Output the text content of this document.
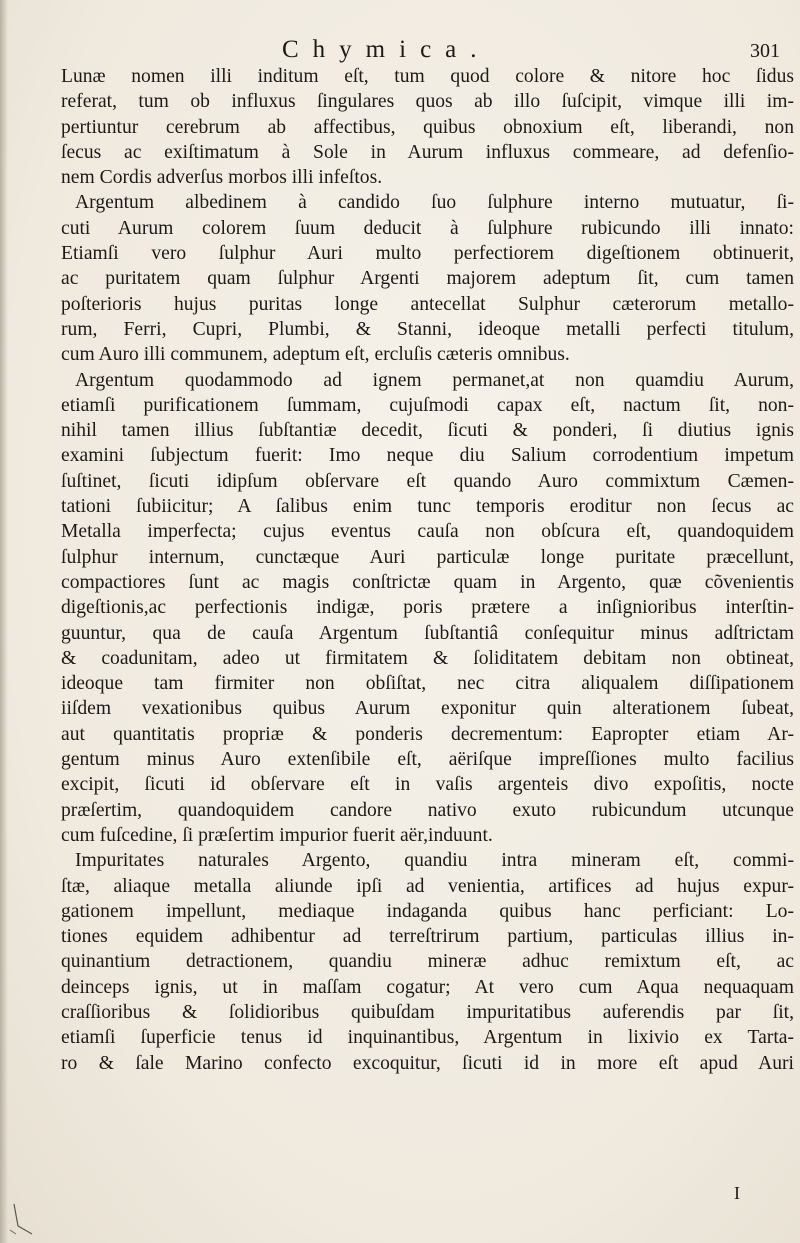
Chymica.	301
Lunæ nomen illi inditum eſt, tum quod colore & nitore hoc ſidus
referat, tum ob influxus ſingulares quos ab illo ſuſcipit, vimque illi im-
pertiuntur cerebrum ab affectibus, quibus obnoxium eſt, liberandi, non
ſecus ac exiſtimatum à Sole in Aurum influxus commeare, ad defenſio-
nem Cordis adverſus morbos illi infeſtos.
Argentum albedinem à candido ſuo ſulphure interno mutuatur, ſi-
cuti Aurum colorem ſuum deducit à ſulphure rubicundo illi innato:
Etiamſi vero ſulphur Auri multo perfectiorem digeſtionem obtinuerit,
ac puritatem quam ſulphur Argenti majorem adeptum ſit, cum tamen
poſterioris hujus puritas longe antecellat Sulphur cæterorum metallo-
rum, Ferri, Cupri, Plumbi, & Stanni, ideoque metalli perfecti titulum,
cum Auro illi communem, adeptum eſt, ercluſis cæteris omnibus.
Argentum quodammodo ad ignem permanet,at non quamdiu Aurum,
etiamſi purificationem ſummam, cujuſmodi capax eſt, nactum ſit, non-
nihil tamen illius ſubſtantiæ decedit, ſicuti & ponderi, ſi diutius ignis
examini ſubjectum fuerit: Imo neque diu Salium corrodentium impetum
ſuſtinet, ſicuti idipſum obſervare eſt quando Auro commixtum Cæmen-
tationi ſubiicitur; A ſalibus enim tunc temporis eroditur non ſecus ac
Metalla imperfecta; cujus eventus cauſa non obſcura eſt, quandoquidem
ſulphur internum, cunctæque Auri particulæ longe puritate præcellunt,
compactiores ſunt ac magis conſtrictæ quam in Argento, quæ cõvenientis
digeſtionis,ac perfectionis indigæ, poris prætere a inſignioribus interſtin-
guuntur, qua de cauſa Argentum ſubſtantiâ conſequitur minus adſtrictam
& coadunitam, adeo ut firmitatem & ſoliditatem debitam non obtineat,
ideoque tam firmiter non obſiſtat, nec citra aliqualem diſſipationem
iiſdem vexationibus quibus Aurum exponitur quin alterationem ſubeat,
aut quantitatis propriæ & ponderis decrementum: Eapropter etiam Ar-
gentum minus Auro extenſibile eſt, aëriſque impreſſiones multo facilius
excipit, ſicuti id obſervare eſt in vaſis argenteis divo expoſitis, nocte
præſertim, quandoquidem candore nativo exuto rubicundum utcunque
cum fuſcedine, ſi præſertim impurior fuerit aër,induunt.
Impuritates naturales Argento, quandiu intra mineram eſt, commi-
ſtæ, aliaque metalla aliunde ipſi ad venientia, artifices ad hujus expur-
gationem impellunt, mediaque indaganda quibus hanc perficiant: Lo-
tiones equidem adhibentur ad terreſtrirum partium, particulas illius in-
quinantium detractionem, quandiu mineræ adhuc remixtum eſt, ac
deinceps ignis, ut in maſſam cogatur; At vero cum Aqua nequaquam
craſſioribus & ſolidioribus quibuſdam impuritatibus auferendis par ſit,
etiamſi ſuperficie tenus id inquinantibus, Argentum in lixivio ex Tarta-
ro & ſale Marino confecto excoquitur, ſicuti id in more eſt apud Auri
I
